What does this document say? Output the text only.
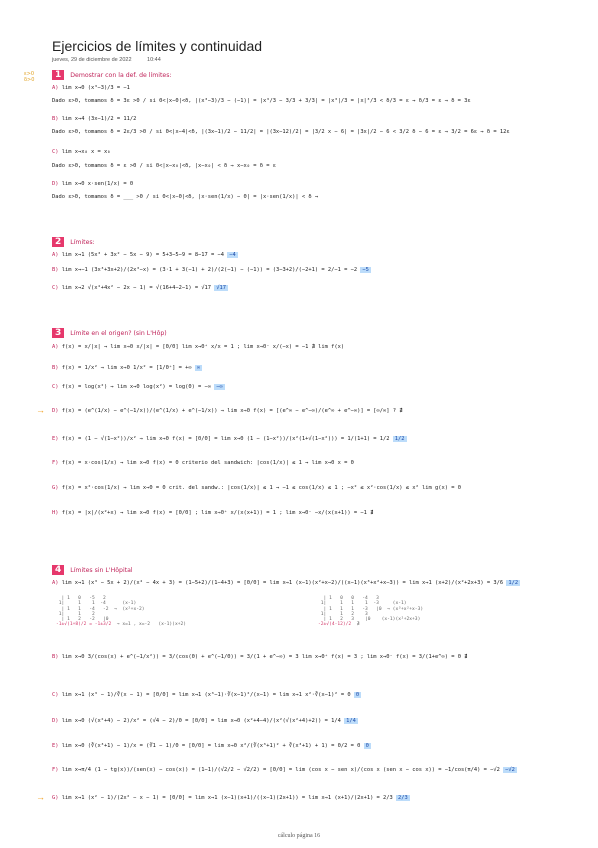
Ejercicios de límites y continuidad
jueves, 29 de diciembre de 2022	10:44
ε>0
δ>0	1 Demostrar con la def. de límites:
A) lim x→0 (x³−3)/3 = −1
Dado ε>0, tomamos δ = 3ε >0 / si 0<|x−0|<δ, |(x³−3)/3 − (−1)| = |x³/3 − 3/3 + 3/3| = |x³|/3 = |x|³/3 < δ/3 = ε → δ/3 = ε → δ = 3ε
B) lim x→4 (3x−1)/2 = 11/2
Dado ε>0, tomamos δ = 2ε/3 >0 / si 0<|x−4|<δ, |(3x−1)/2 − 11/2| = |(3x−12)/2| = |3/2 x − 6| = |3x|/2 − 6 < 3/2 δ − 6 = ε → 3/2 = 6ε → δ = 12ε
C) lim x→x₀ x = x₀
Dado ε>0, tomamos δ = ε >0 / si 0<|x−x₀|<δ, |x−x₀| < δ → x−x₀ = δ = ε
D) lim x→0 x·sen(1/x) = 0
Dado ε>0, tomamos δ = ___ >0 / si 0<|x−0|<δ, |x·sen(1/x) − 0| = |x·sen(1/x)| < δ →
2 Límites:
A) lim x→1 (5x³ + 3x² − 5x − 9) = 5+3−5−9 = 8−17 = −4 −4
B) lim x→−1 (3x³+3x+2)/(2x³−x) = (3·1 + 3(−1) + 2)/(2(−1) − (−1)) = (3−3+2)/(−2+1) = 2/−1 = −2 −5
C) lim x→2 √(x⁴+4x² − 2x − 1) = √(16+4−2−1) = √17 √17
3 Límite en el origen? (sin L'Hôp)
A) f(x) = x/|x| → lim x→0 x/|x| = [0/0] lim x→0⁺ x/x = 1 ; lim x→0⁻ x/(−x) = −1 ∄ lim f(x)
B) f(x) = 1/x² → lim x→0 1/x² = [1/0⁺] = +∞ ∞
C) f(x) = log(x²) → lim x→0 log(x²) = log(0) = −∞ −∞
→ D) f(x) = (e^(1/x) − e^(−1/x))/(e^(1/x) + e^(−1/x)) → lim x→0 f(x) = [(e^∞ − e^−∞)/(e^∞ + e^−∞)] = [∞/∞] ? ∄
E) f(x) = (1 − √(1−x²))/x² → lim x→0 f(x) = [0/0] = lim x→0 (1 − (1−x²))/(x²(1+√(1−x²))) = 1/(1+1) = 1/2 1/2
F) f(x) = x·cos(1/x) → lim x→0 f(x) = 0 criterio del sandwich: |cos(1/x)| ≤ 1 → lim x→0 x = 0
G) f(x) = x²·cos(1/x) → lim x→0 = 0 crit. del sandw.: |cos(1/x)| ≤ 1 → −1 ≤ cos(1/x) ≤ 1 ; −x² ≤ x²·cos(1/x) ≤ x² lim g(x) = 0
H) f(x) = |x|/(x²+x) → lim x→0 f(x) = [0/0] ; lim x→0⁺ x/(x(x+1)) = 1 ; lim x→0⁻ −x/(x(x+1)) = −1 ∄
4 Límites sin L'Hôpital
A) lim x→1 (x³ − 5x + 2)/(x⁴ − 4x + 3) = (1−5+2)/(1−4+3) = [0/0] = lim x→1 (x−1)(x²+x−2)/((x−1)(x³+x²+x−3)) = lim x→1 (x+2)/(x²+2x+3) = 3/6 1/2
| 1   0   -5   2
1|     1    1  -4      (x-1)
| 1   1   -4   -2  →  (x²+x-2)
1|     1    2
| 1   2   -2   |0
-1±√(1+8)/2 = -1±3/2  → x=1 , x=-2   (x-1)(x+2)
| 1   0   0   -4   3
1|     1   1    1  -3     (x-1)
| 1   1   1   -3   |0  → (x³+x²+x-3)
1|     1   2    3
| 1   2   3    |0    (x-1)(x²+2x+3)
-2±√(4-12)/2  ∄
B) lim x→0 3/(cos(x) + e^(−1/x²)) = 3/(cos(0) + e^(−1/0)) = 3/(1 + e^−∞) = 3 lim x→0⁺ f(x) = 3 ; lim x→0⁻ f(x) = 3/(1+e^∞) = 0 ∄
C) lim x→1 (x³ − 1)/∛(x − 1) = [0/0] = lim x→1 (x³−1)·∛(x−1)²/(x−1) = lim x→1 x²·∛(x−1)² = 0 0
D) lim x→0 (√(x²+4) − 2)/x² = (√4 − 2)/0 = [0/0] = lim x→0 (x²+4−4)/(x²(√(x²+4)+2)) = 1/4 1/4
E) lim x→0 (∛(x³+1) − 1)/x = (∛1 − 1)/0 = [0/0] = lim x→0 x²/(∛(x³+1)² + ∛(x³+1) + 1) = 0/2 = 0 0
F) lim x→π/4 (1 − tg(x))/(sen(x) − cos(x)) = (1−1)/(√2/2 − √2/2) = [0/0] = lim (cos x − sen x)/(cos x (sen x − cos x)) = −1/cos(π/4) = −√2 −√2
→ G) lim x→1 (x² − 1)/(2x² − x − 1) = [0/0] = lim x→1 (x−1)(x+1)/((x−1)(2x+1)) = lim x→1 (x+1)/(2x+1) = 2/3 2/3
cálculo página 16
